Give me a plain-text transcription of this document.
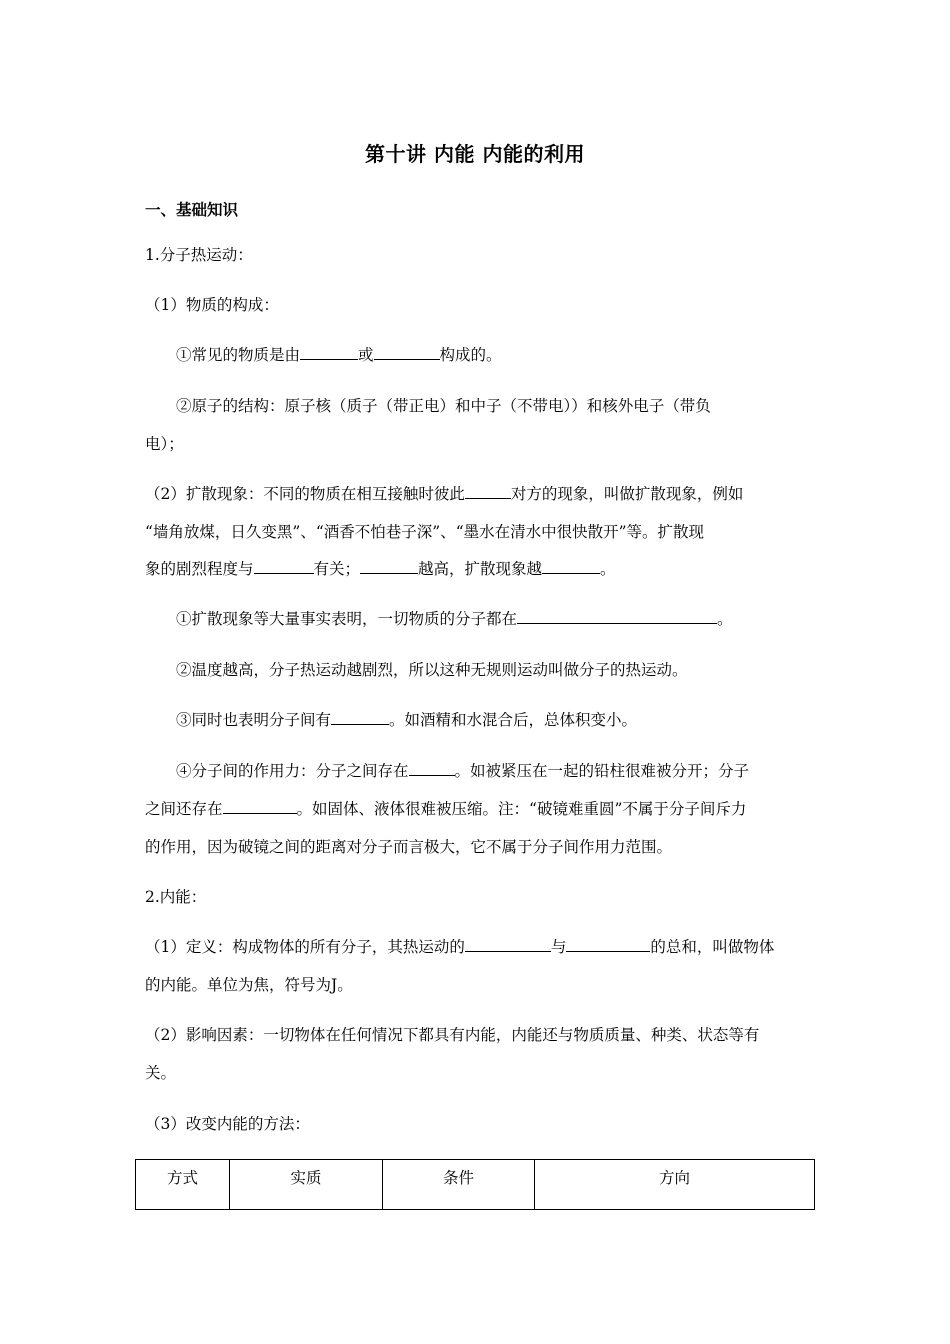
第十讲 内能 内能的利用
一、基础知识
1.分子热运动：
（1）物质的构成：
①常见的物质是由	或	构成的。
②原子的结构：原子核（质子（带正电）和中子（不带电））和核外电子（带负
电）；
（2）扩散现象：不同的物质在相互接触时彼此	对方的现象，叫做扩散现象，例如
“墙角放煤，日久变黑”、“酒香不怕巷子深”、“墨水在清水中很快散开”等。扩散现
象的剧烈程度与	有关；	越高，扩散现象越	。
①扩散现象等大量事实表明，一切物质的分子都在	。
②温度越高，分子热运动越剧烈，所以这种无规则运动叫做分子的热运动。
③同时也表明分子间有	。如酒精和水混合后，总体积变小。
④分子间的作用力：分子之间存在	。如被紧压在一起的铅柱很难被分开；分子
之间还存在	。如固体、液体很难被压缩。注：“破镜难重圆”不属于分子间斥力
的作用，因为破镜之间的距离对分子而言极大，它不属于分子间作用力范围。
2.内能：
（1）定义：构成物体的所有分子，其热运动的	与	的总和，叫做物体
的内能。单位为焦，符号为J。
（2）影响因素：一切物体在任何情况下都具有内能，内能还与物质质量、种类、状态等有
关。
（3）改变内能的方法：
方式	实质	条件	方向
